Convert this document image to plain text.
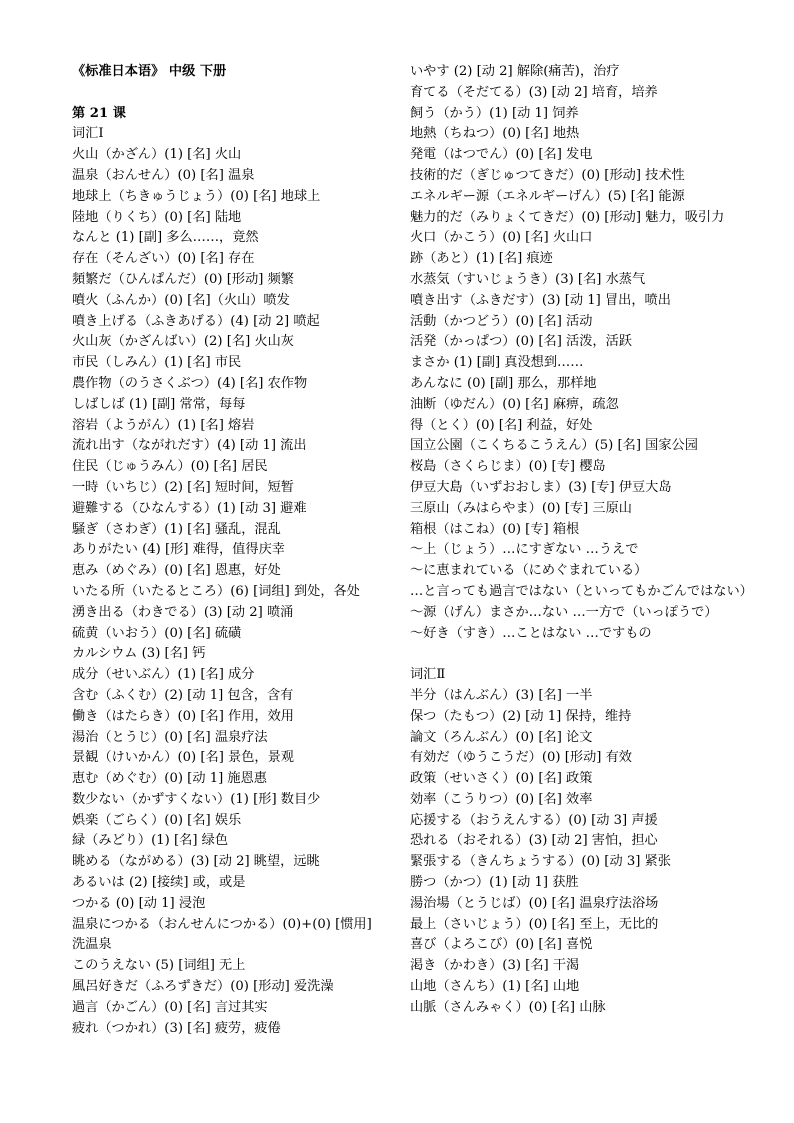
《标准日本语》 中级 下册
第 21 课
词汇Ⅰ
火山（かざん）(1) [名] 火山
温泉（おんせん）(0) [名] 温泉
地球上（ちきゅうじょう）(0) [名] 地球上
陸地（りくち）(0) [名] 陆地
なんと (1) [副] 多么……，竟然
存在（そんざい）(0) [名] 存在
頻繁だ（ひんぱんだ）(0) [形动] 频繁
噴火（ふんか）(0) [名]（火山）喷发
噴き上げる（ふきあげる）(4) [动 2] 喷起
火山灰（かざんばい）(2) [名] 火山灰
市民（しみん）(1) [名] 市民
農作物（のうさくぶつ）(4) [名] 农作物
しばしば (1) [副] 常常，每每
溶岩（ようがん）(1) [名] 熔岩
流れ出す（ながれだす）(4) [动 1] 流出
住民（じゅうみん）(0) [名] 居民
一時（いちじ）(2) [名] 短时间，短暂
避難する（ひなんする）(1) [动 3] 避难
騒ぎ（さわぎ）(1) [名] 骚乱，混乱
ありがたい (4) [形] 难得，值得庆幸
恵み（めぐみ）(0) [名] 恩惠，好处
いたる所（いたるところ）(6) [词组] 到处，各处
湧き出る（わきでる）(3) [动 2] 喷涌
硫黄（いおう）(0) [名] 硫磺
カルシウム (3) [名] 钙
成分（せいぶん）(1) [名] 成分
含む（ふくむ）(2) [动 1] 包含，含有
働き（はたらき）(0) [名] 作用，效用
湯治（とうじ）(0) [名] 温泉疗法
景観（けいかん）(0) [名] 景色，景观
恵む（めぐむ）(0) [动 1] 施恩惠
数少ない（かずすくない）(1) [形] 数目少
娯楽（ごらく）(0) [名] 娱乐
緑（みどり）(1) [名] 绿色
眺める（ながめる）(3) [动 2] 眺望，远眺
あるいは (2) [接续] 或，或是
つかる (0) [动 1] 浸泡
温泉につかる（おんせんにつかる）(0)+(0) [惯用]
洗温泉
このうえない (5) [词组] 无上
風呂好きだ（ふろずきだ）(0) [形动] 爱洗澡
過言（かごん）(0) [名] 言过其实
疲れ（つかれ）(3) [名] 疲劳，疲倦
いやす (2) [动 2] 解除(痛苦)，治疗
育てる（そだてる）(3) [动 2] 培育，培养
飼う（かう）(1) [动 1] 饲养
地熱（ちねつ）(0) [名] 地热
発電（はつでん）(0) [名] 发电
技術的だ（ぎじゅつてきだ）(0) [形动] 技术性
エネルギー源（エネルギーげん）(5) [名] 能源
魅力的だ（みりょくてきだ）(0) [形动] 魅力，吸引力
火口（かこう）(0) [名] 火山口
跡（あと）(1) [名] 痕迹
水蒸気（すいじょうき）(3) [名] 水蒸气
噴き出す（ふきだす）(3) [动 1] 冒出，喷出
活動（かつどう）(0) [名] 活动
活発（かっぱつ）(0) [名] 活泼，活跃
まさか (1) [副] 真没想到……
あんなに (0) [副] 那么，那样地
油断（ゆだん）(0) [名] 麻痹，疏忽
得（とく）(0) [名] 利益，好处
国立公園（こくちるこうえん）(5) [名] 国家公园
桜島（さくらじま）(0) [专] 樱岛
伊豆大島（いずおおしま）(3) [专] 伊豆大岛
三原山（みはらやま）(0) [专] 三原山
箱根（はこね）(0) [专] 箱根
～上（じょう）…にすぎない …うえで
～に恵まれている（にめぐまれている）
…と言っても過言ではない（といってもかごんではない）
～源（げん）まさか…ない …一方で（いっぽうで）
～好き（すき）…ことはない …ですもの
词汇Ⅱ
半分（はんぶん）(3) [名] 一半
保つ（たもつ）(2) [动 1] 保持，维持
論文（ろんぶん）(0) [名] 论文
有効だ（ゆうこうだ）(0) [形动] 有效
政策（せいさく）(0) [名] 政策
効率（こうりつ）(0) [名] 效率
応援する（おうえんする）(0) [动 3] 声援
恐れる（おそれる）(3) [动 2] 害怕，担心
緊張する（きんちょうする）(0) [动 3] 紧张
勝つ（かつ）(1) [动 1] 获胜
湯治場（とうじば）(0) [名] 温泉疗法浴场
最上（さいじょう）(0) [名] 至上，无比的
喜び（よろこび）(0) [名] 喜悦
渇き（かわき）(3) [名] 干渴
山地（さんち）(1) [名] 山地
山脈（さんみゃく）(0) [名] 山脉
